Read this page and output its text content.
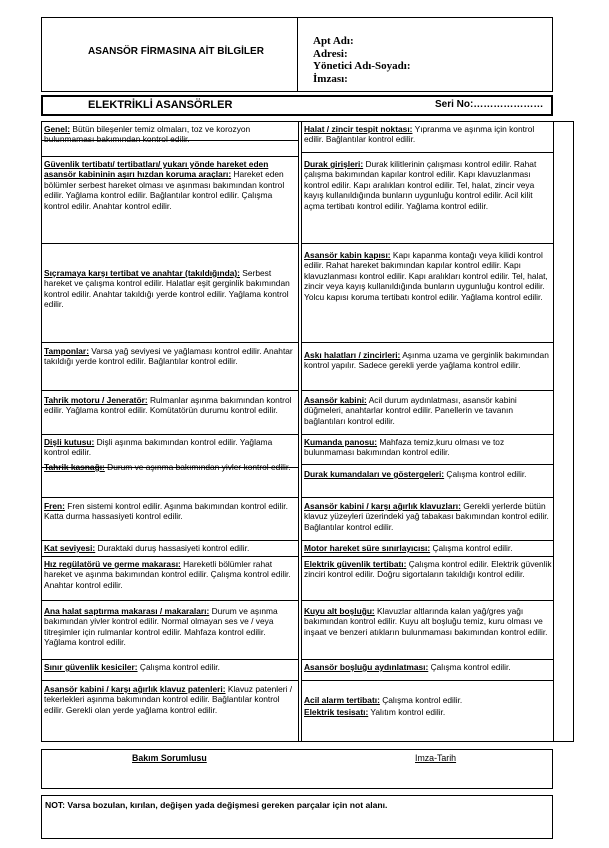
ASANSÖR FİRMASINA AİT BİLGİLER
Apt Adı:
Adresi:
Yönetici Adı-Soyadı:
İmzası:
ELEKTRİKLİ ASANSÖRLER	Seri No:…………………
Genel: Bütün bileşenler temiz olmaları, toz ve korozyon bulunmaması bakımından kontrol edilir.
Güvenlik tertibatı/ tertibatları/ yukarı yönde hareket eden asansör kabininin aşırı hızdan koruma araçları: Hareket eden bölümler serbest hareket olması ve aşınması bakımından kontrol edilir. Yağlama kontrol edilir. Bağlantılar kontrol edilir. Çalışma kontrol edilir. Anahtar kontrol edilir.
Sıçramaya karşı tertibat ve anahtar (takıldığında): Serbest hareket ve çalışma kontrol edilir. Halatlar eşit gerginlik bakımından kontrol edilir. Anahtar takıldığı yerde kontrol edilir. Yağlama kontrol edilir.
Tamponlar: Varsa yağ seviyesi ve yağlaması kontrol edilir. Anahtar takıldığı yerde kontrol edilir. Bağlantılar kontrol edilir.
Tahrik motoru / Jeneratör: Rulmanlar aşınma bakımından kontrol edilir. Yağlama kontrol edilir. Komütatörün durumu kontrol edilir.
Dişli kutusu: Dişli aşınma bakımından kontrol edilir. Yağlama kontrol edilir.
Tahrik kasnağı: Durum ve aşınma bakımından yivler kontrol edilir.
Fren: Fren sistemi kontrol edilir. Aşınma bakımından kontrol edilir. Katta durma hassasiyeti kontrol edilir.
Kat seviyesi: Duraktaki duruş hassasiyeti kontrol edilir.
Hız regülatörü ve germe makarası: Hareketli bölümler rahat hareket ve aşınma bakımından kontrol edilir. Çalışma kontrol edilir. Anahtar kontrol edilir.
Ana halat saptırma makarası / makaraları: Durum ve aşınma bakımından yivler kontrol edilir. Normal olmayan ses ve / veya titreşimler için rulmanlar kontrol edilir. Mahfaza kontrol edilir. Yağlama kontrol edilir.
Sınır güvenlik kesiciler: Çalışma kontrol edilir.
Asansör kabini / karşı ağırlık klavuz patenleri: Klavuz patenleri / tekerlekleri aşınma bakımından kontrol edilir. Bağlantılar kontrol edilir. Gerekli olan yerde yağlama kontrol edilir.
Halat / zincir tespit noktası: Yıpranma ve aşınma için kontrol edilir. Bağlantılar kontrol edilir.
Durak girişleri: Durak kilitlerinin çalışması kontrol edilir. Rahat çalışma bakımından kapılar kontrol edilir. Kapı klavuzlanması kontrol edilir. Kapı aralıkları kontrol edilir. Tel, halat, zincir veya kayış kullanıldığında bunların uygunluğu kontrol edilir. Acil kilit açma tertibatı kontrol edilir. Yağlama kontrol edilir.
Asansör kabin kapısı: Kapı kapanma kontağı veya kilidi kontrol edilir. Rahat hareket bakımından kapılar kontrol edilir. Kapı klavuzlanması kontrol edilir. Kapı aralıkları kontrol edilir. Tel, halat, zincir veya kayış kullanıldığında bunların uygunluğu kontrol edilir. Yolcu kapısı koruma tertibatı kontrol edilir. Yağlama kontrol edilir.
Askı halatları / zincirleri: Aşınma uzama ve gerginlik bakımından kontrol yapılır. Sadece gerekli yerde yağlama kontrol edilir.
Asansör kabini: Acil durum aydınlatması, asansör kabini düğmeleri, anahtarlar kontrol edilir. Panellerin ve tavanın bağlantıları kontrol edilir.
Kumanda panosu: Mahfaza temiz,kuru olması ve toz bulunmaması bakımından kontrol edilir.
Durak kumandaları ve göstergeleri: Çalışma kontrol edilir.
Asansör kabini / karşı ağırlık klavuzları: Gerekli yerlerde bütün klavuz yüzeyleri üzerindeki yağ tabakası bakımından kontrol edilir. Bağlantılar kontrol edilir.
Motor hareket süre sınırlayıcısı: Çalışma kontrol edilir.
Elektrik güvenlik tertibatı: Çalışma kontrol edilir. Elektrik güvenlik zinciri kontrol edilir. Doğru sigortaların takıldığı kontrol edilir.
Kuyu alt boşluğu: Klavuzlar altlarında kalan yağ/gres yağı bakımından kontrol edilir. Kuyu alt boşluğu temiz, kuru olması ve inşaat ve benzeri atıkların bulunmaması bakımından kontrol edilir.
Asansör boşluğu aydınlatması: Çalışma kontrol edilir.
Acil alarm tertibatı: Çalışma kontrol edilir.
Elektrik tesisatı: Yalıtım kontrol edilir.
Bakım Sorumlusu	Imza-Tarih
NOT: Varsa bozulan, kırılan, değişen yada değişmesi gereken parçalar için not alanı.
